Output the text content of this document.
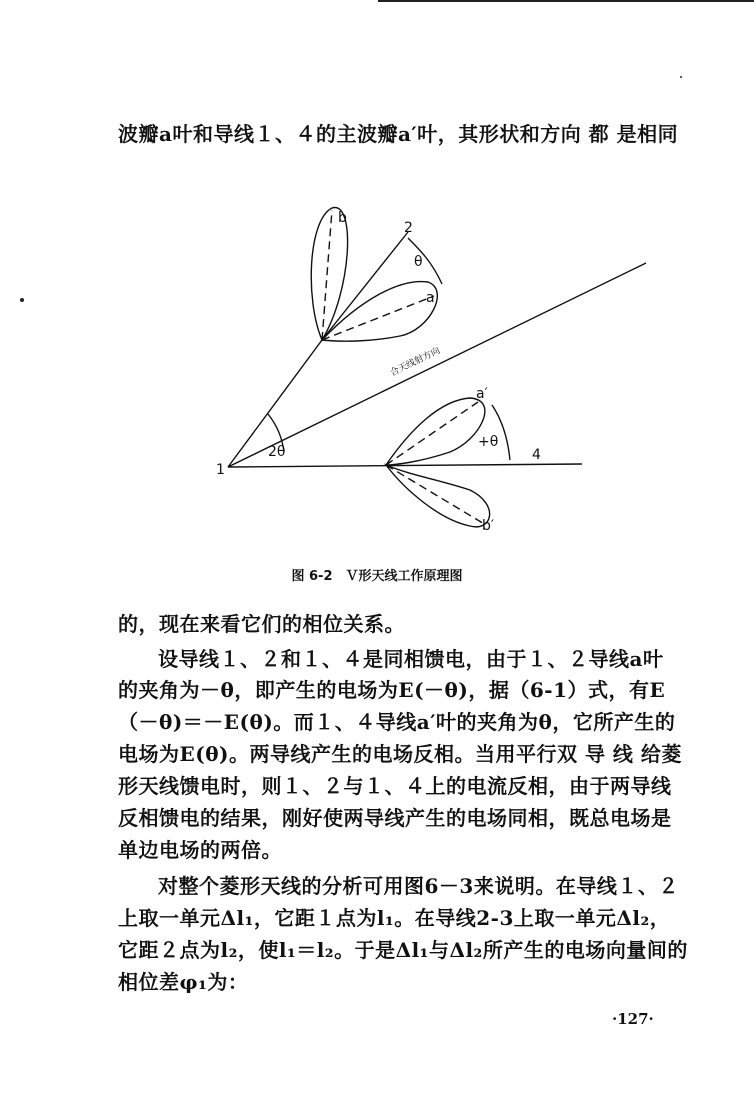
波瓣a叶和导线１、４的主波瓣a′叶，其形状和方向 都 是相同
b
2
θ
a
合天线射方向
a′
+θ
4
b′
1
2θ
图 6-2　Ｖ形天线工作原理图
的，现在来看它们的相位关系。
设导线１、２和１、４是同相馈电，由于１、２导线a叶
的夹角为－θ，即产生的电场为E(－θ)，据（6-1）式，有E
（－θ)＝－E(θ)。而１、４导线a′叶的夹角为θ，它所产生的
电场为E(θ)。两导线产生的电场反相。当用平行双 导 线 给菱
形天线馈电时，则１、２与１、４上的电流反相，由于两导线
反相馈电的结果，刚好使两导线产生的电场同相，既总电场是
单边电场的两倍。
对整个菱形天线的分析可用图6－3来说明。在导线１、２
上取一单元Δl₁，它距１点为l₁。在导线2-3上取一单元Δl₂，
它距２点为l₂，使l₁＝l₂。于是Δl₁与Δl₂所产生的电场向量间的
相位差φ₁为：
·127·
